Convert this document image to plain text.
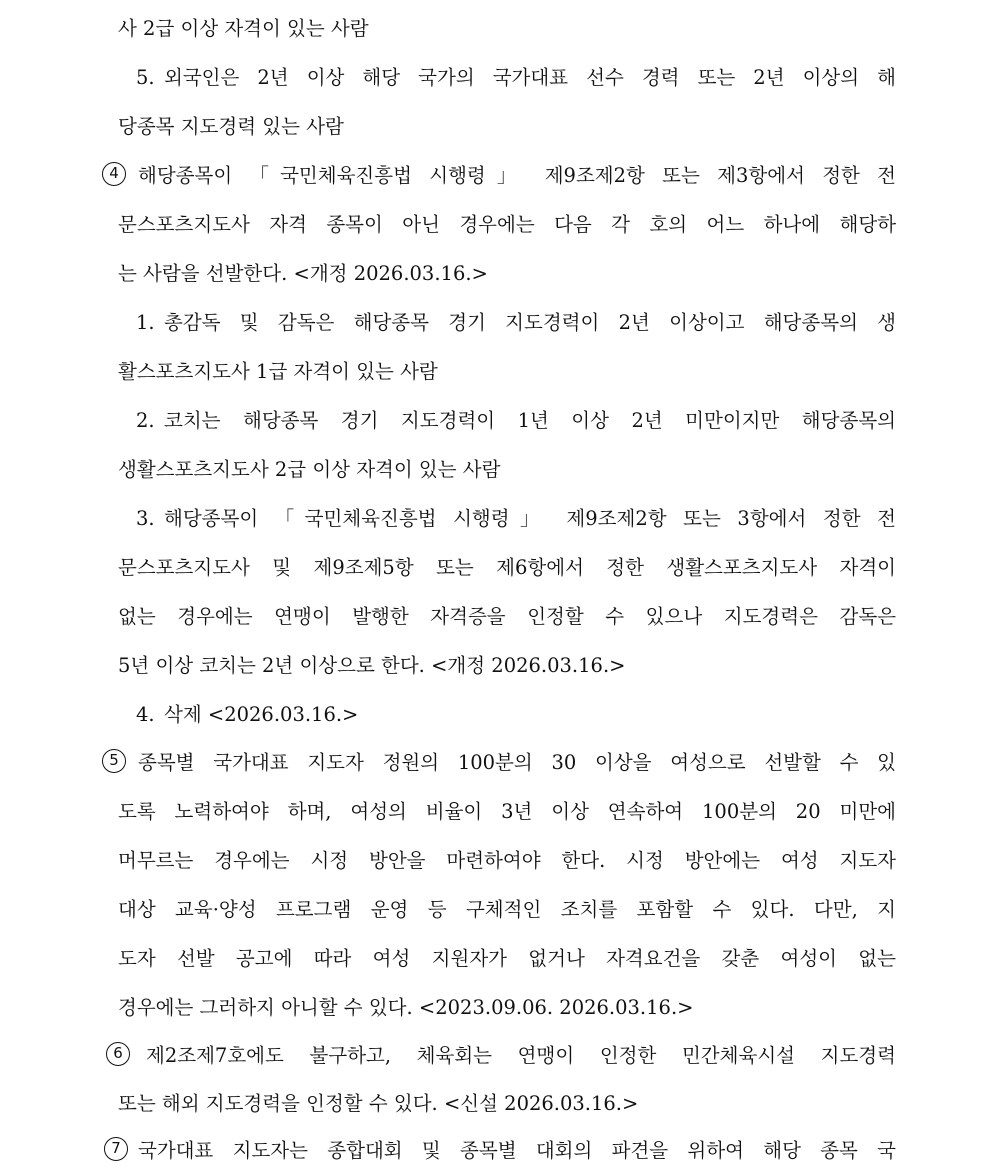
사 2급 이상 자격이 있는 사람
5. 외국인은 2년 이상 해당 국가의 국가대표 선수 경력 또는 2년 이상의 해
당종목 지도경력 있는 사람
4 해당종목이 「국민체육진흥법 시행령」 제9조제2항 또는 제3항에서 정한 전
문스포츠지도사 자격 종목이 아닌 경우에는 다음 각 호의 어느 하나에 해당하
는 사람을 선발한다. <개정 2026.03.16.>
1. 총감독 및 감독은 해당종목 경기 지도경력이 2년 이상이고 해당종목의 생
활스포츠지도사 1급 자격이 있는 사람
2. 코치는 해당종목 경기 지도경력이 1년 이상 2년 미만이지만 해당종목의
생활스포츠지도사 2급 이상 자격이 있는 사람
3. 해당종목이 「국민체육진흥법 시행령」 제9조제2항 또는 3항에서 정한 전
문스포츠지도사 및 제9조제5항 또는 제6항에서 정한 생활스포츠지도사 자격이
없는 경우에는 연맹이 발행한 자격증을 인정할 수 있으나 지도경력은 감독은
5년 이상 코치는 2년 이상으로 한다. <개정 2026.03.16.>
4. 삭제 <2026.03.16.>
5 종목별 국가대표 지도자 정원의 100분의 30 이상을 여성으로 선발할 수 있
도록 노력하여야 하며, 여성의 비율이 3년 이상 연속하여 100분의 20 미만에
머무르는 경우에는 시정 방안을 마련하여야 한다. 시정 방안에는 여성 지도자
대상 교육·양성 프로그램 운영 등 구체적인 조치를 포함할 수 있다. 다만, 지
도자 선발 공고에 따라 여성 지원자가 없거나 자격요건을 갖춘 여성이 없는
경우에는 그러하지 아니할 수 있다. <2023.09.06. 2026.03.16.>
6	제2조제7호에도 불구하고, 체육회는 연맹이 인정한 민간체육시설 지도경력
또는 해외 지도경력을 인정할 수 있다. <신설 2026.03.16.>
7 국가대표 지도자는 종합대회 및 종목별 대회의 파견을 위하여 해당 종목 국
